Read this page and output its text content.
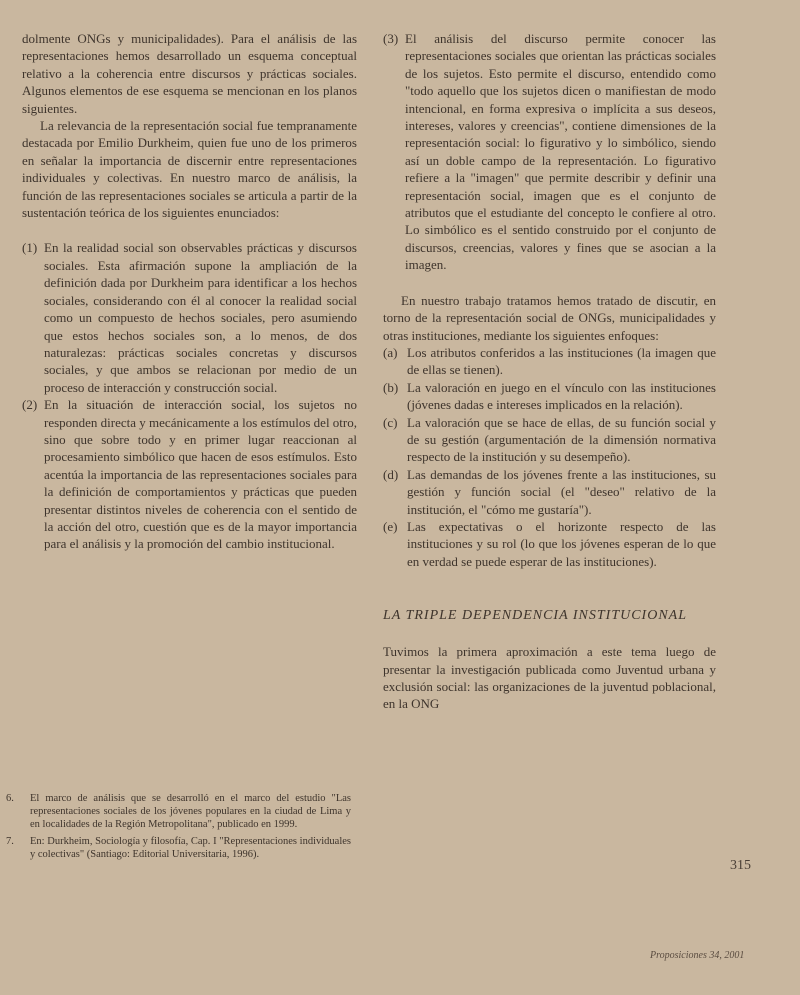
dolmente ONGs y municipalidades). Para el análisis de las representaciones hemos desarrollado un esquema conceptual relativo a la coherencia entre discursos y prácticas sociales. Algunos elementos de ese esquema se mencionan en los planos siguientes.

La relevancia de la representación social fue tempranamente destacada por Emilio Durkheim, quien fue uno de los primeros en señalar la importancia de discernir entre representaciones individuales y colectivas. En nuestro marco de análisis, la función de las representaciones sociales se articula a partir de la sustentación teórica de los siguientes enunciados:

(1) En la realidad social son observables prácticas y discursos sociales. Esta afirmación supone la ampliación de la definición dada por Durkheim para identificar a los hechos sociales, considerando con él al conocer la realidad social como un compuesto de hechos sociales, pero asumiendo que estos hechos sociales son, a lo menos, de dos naturalezas: prácticas sociales concretas y discursos sociales, y que ambos se relacionan por medio de un proceso de interacción y construcción social.
(2) En la situación de interacción social, los sujetos no responden directa y mecánicamente a los estímulos del otro, sino que sobre todo y en primer lugar reaccionan al procesamiento simbólico que hacen de esos estímulos. Esto acentúa la importancia de las representaciones sociales para la definición de comportamientos y prácticas que pueden presentar distintos niveles de coherencia con el sentido de la acción del otro, cuestión que es de la mayor importancia para el análisis y la promoción del cambio institucional.
6.	El marco de análisis que se desarrolló en el marco del estudio "Las representaciones sociales de los jóvenes populares en la ciudad de Lima y en localidades de la Región Metropolitana", publicado en 1999.
7.	En: Durkheim, Sociología y filosofía, Cap. I "Representaciones individuales y colectivas" (Santiago: Editorial Universitaria, 1996).
(3) El análisis del discurso permite conocer las representaciones sociales que orientan las prácticas sociales de los sujetos. Esto permite el discurso, entendido como "todo aquello que los sujetos dicen o manifiestan de modo intencional, en forma expresiva o implícita a sus deseos, intereses, valores y creencias", contiene dimensiones de la representación social: lo figurativo y lo simbólico, siendo así un doble campo de la representación. Lo figurativo refiere a la "imagen" que permite describir y definir una representación social, imagen que es el conjunto de atributos que el estudiante del concepto le confiere al otro. Lo simbólico es el sentido construido por el conjunto de discursos, creencias, valores y fines que se asocian a la imagen.

En nuestro trabajo tratamos hemos tratado de discutir, en torno de la representación social de ONGs, municipalidades y otras instituciones, mediante los siguientes enfoques:

(a) Los atributos conferidos a las instituciones (la imagen que de ellas se tienen).
(b) La valoración en juego en el vínculo con las instituciones (jóvenes dadas e intereses implicados en la relación).
(c) La valoración que se hace de ellas, de su función social y de su gestión (argumentación de la dimensión normativa respecto de la institución y su desempeño).
(d) Las demandas de los jóvenes frente a las instituciones, su gestión y función social (el "deseo" relativo de la institución, el "cómo me gustaría").
(e) Las expectativas o el horizonte respecto de las instituciones y su rol (lo que los jóvenes esperan de lo que en verdad se puede esperar de las instituciones).

LA TRIPLE DEPENDENCIA INSTITUCIONAL

Tuvimos la primera aproximación a este tema luego de presentar la investigación publicada como Juventud urbana y exclusión social: las organizaciones de la juventud poblacional, en la ONG

315
Proposiciones 34, 2001
